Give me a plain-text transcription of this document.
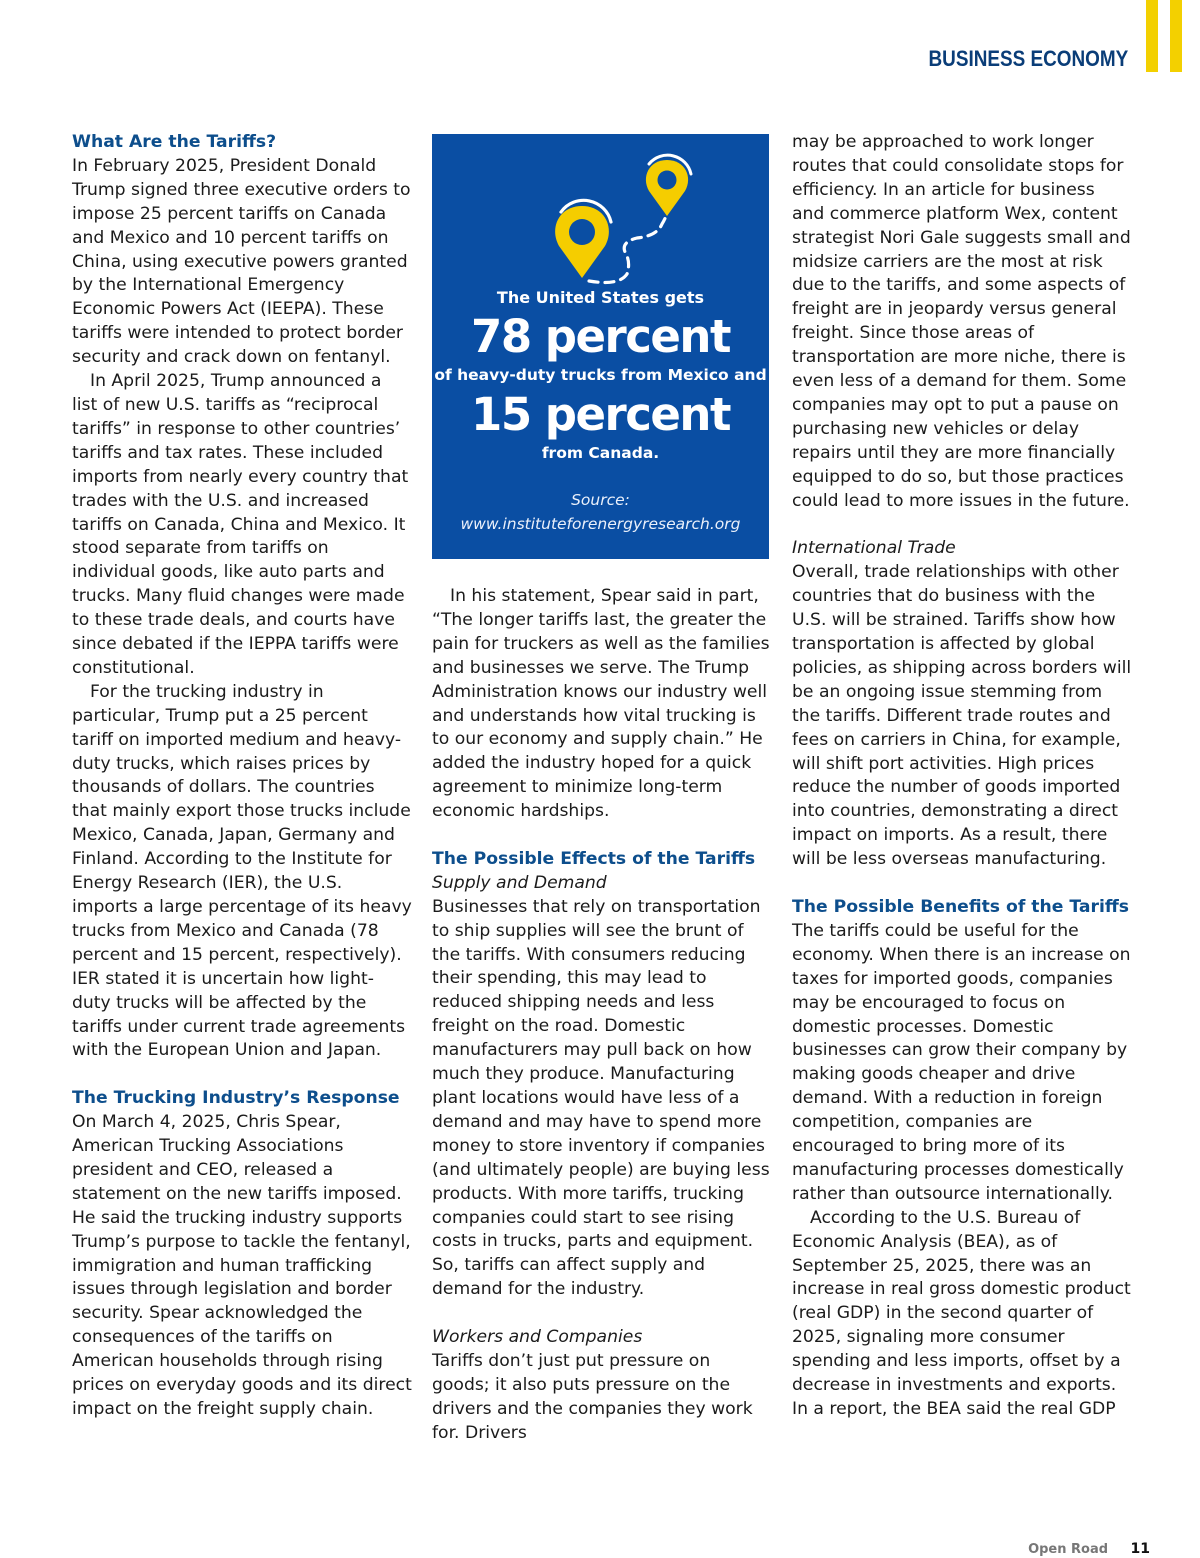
BUSINESS ECONOMY
What Are the Tariffs?

In February 2025, President Donald Trump signed three executive orders to impose 25 percent tariffs on Canada and Mexico and 10 percent tariffs on China, using executive powers granted by the International Emergency Economic Powers Act (IEEPA). These tariffs were intended to protect border security and crack down on fentanyl.

In April 2025, Trump announced a list of new U.S. tariffs as “reciprocal tariffs” in response to other countries’ tariffs and tax rates. These included imports from nearly every country that trades with the U.S. and increased tariffs on Canada, China and Mexico. It stood separate from tariffs on individual goods, like auto parts and trucks. Many fluid changes were made to these trade deals, and courts have since debated if the IEPPA tariffs were constitutional.

For the trucking industry in particular, Trump put a 25 percent tariff on imported medium and heavy-duty trucks, which raises prices by thousands of dollars. The countries that mainly export those trucks include Mexico, Canada, Japan, Germany and Finland. According to the Institute for Energy Research (IER), the U.S. imports a large percentage of its heavy trucks from Mexico and Canada (78 percent and 15 percent, respectively). IER stated it is uncertain how light-duty trucks will be affected by the tariffs under current trade agreements with the European Union and Japan.

The Trucking Industry’s Response

On March 4, 2025, Chris Spear, American Trucking Associations president and CEO, released a statement on the new tariffs imposed. He said the trucking industry supports Trump’s purpose to tackle the fentanyl, immigration and human trafficking issues through legislation and border security. Spear acknowledged the consequences of the tariffs on American households through rising prices on everyday goods and its direct impact on the freight supply chain.

The United States gets
78 percent
of heavy-duty trucks from Mexico and
15 percent
from Canada.
Source:
www.instituteforenergyresearch.org

In his statement, Spear said in part, “The longer tariffs last, the greater the pain for truckers as well as the families and businesses we serve. The Trump Administration knows our industry well and understands how vital trucking is to our economy and supply chain.” He added the industry hoped for a quick agreement to minimize long-term economic hardships.

The Possible Effects of the Tariffs
Supply and Demand

Businesses that rely on transportation to ship supplies will see the brunt of the tariffs. With consumers reducing their spending, this may lead to reduced shipping needs and less freight on the road. Domestic manufacturers may pull back on how much they produce. Manufacturing plant locations would have less of a demand and may have to spend more money to store inventory if companies (and ultimately people) are buying less products. With more tariffs, trucking companies could start to see rising costs in trucks, parts and equipment. So, tariffs can affect supply and demand for the industry.

Workers and Companies

Tariffs don’t just put pressure on goods; it also puts pressure on the drivers and the companies they work for. Drivers

may be approached to work longer routes that could consolidate stops for efficiency. In an article for business and commerce platform Wex, content strategist Nori Gale suggests small and midsize carriers are the most at risk due to the tariffs, and some aspects of freight are in jeopardy versus general freight. Since those areas of transportation are more niche, there is even less of a demand for them. Some companies may opt to put a pause on purchasing new vehicles or delay repairs until they are more financially equipped to do so, but those practices could lead to more issues in the future.

International Trade

Overall, trade relationships with other countries that do business with the U.S. will be strained. Tariffs show how transportation is affected by global policies, as shipping across borders will be an ongoing issue stemming from the tariffs. Different trade routes and fees on carriers in China, for example, will shift port activities. High prices reduce the number of goods imported into countries, demonstrating a direct impact on imports. As a result, there will be less overseas manufacturing.

The Possible Benefits of the Tariffs

The tariffs could be useful for the economy. When there is an increase on taxes for imported goods, companies may be encouraged to focus on domestic processes. Domestic businesses can grow their company by making goods cheaper and drive demand. With a reduction in foreign competition, companies are encouraged to bring more of its manufacturing processes domestically rather than outsource internationally.

According to the U.S. Bureau of Economic Analysis (BEA), as of September 25, 2025, there was an increase in real gross domestic product (real GDP) in the second quarter of 2025, signaling more consumer spending and less imports, offset by a decrease in investments and exports. In a report, the BEA said the real GDP

Open Road 11
